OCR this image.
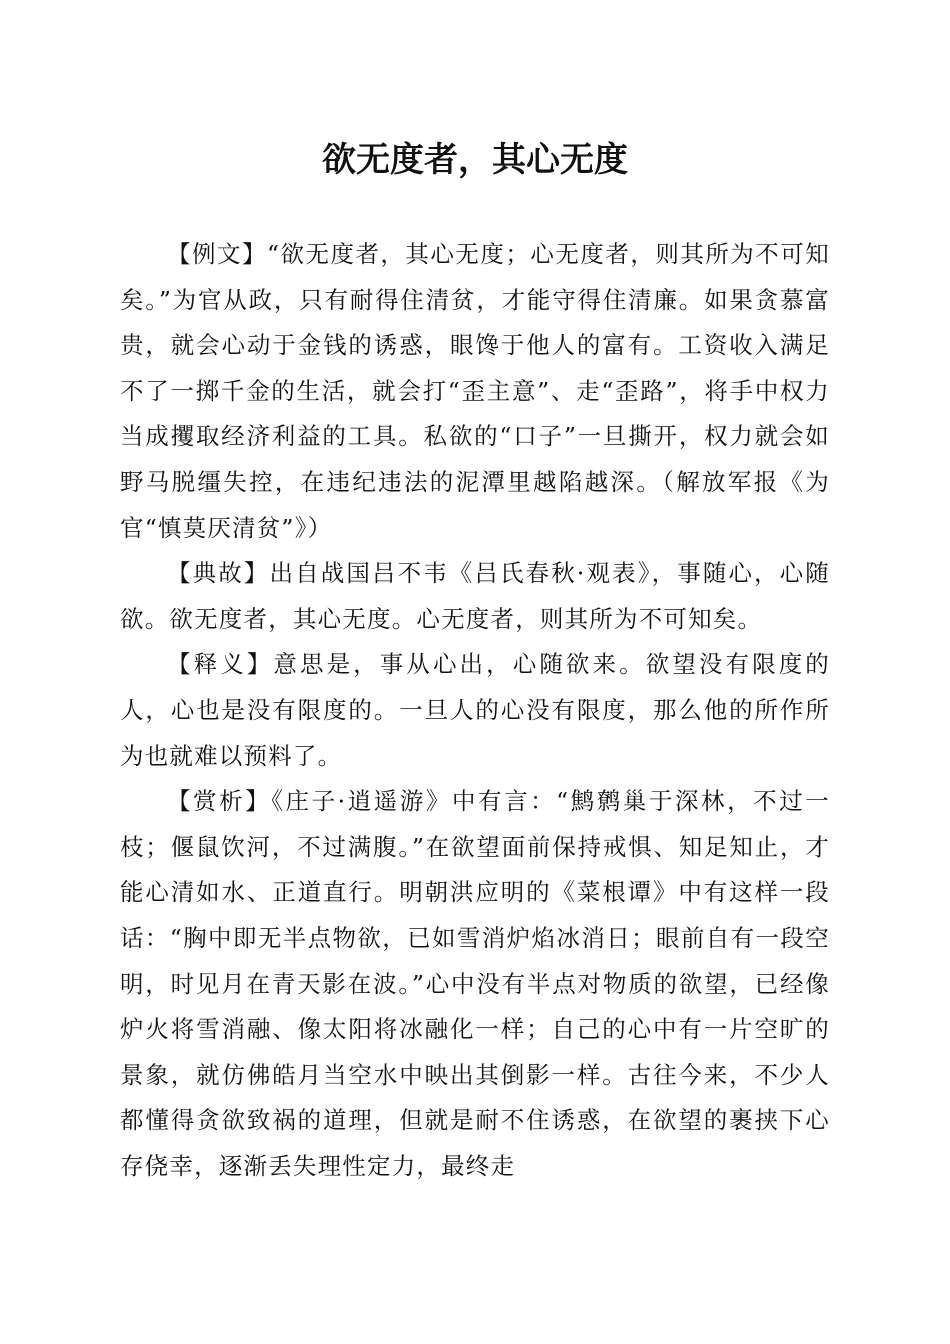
欲无度者，其心无度

【例文】“欲无度者，其心无度；心无度者，则其所为不可知矣。”为官从政，只有耐得住清贫，才能守得住清廉。如果贪慕富贵，就会心动于金钱的诱惑，眼馋于他人的富有。工资收入满足不了一掷千金的生活，就会打“歪主意”、走“歪路”，将手中权力当成攫取经济利益的工具。私欲的“口子”一旦撕开，权力就会如野马脱缰失控，在违纪违法的泥潭里越陷越深。（解放军报《为官“慎莫厌清贫”》）

【典故】出自战国吕不韦《吕氏春秋·观表》，事随心，心随欲。欲无度者，其心无度。心无度者，则其所为不可知矣。

【释义】意思是，事从心出，心随欲来。欲望没有限度的人，心也是没有限度的。一旦人的心没有限度，那么他的所作所为也就难以预料了。

【赏析】《庄子·逍遥游》中有言：“鹪鹩巢于深林，不过一枝；偃鼠饮河，不过满腹。”在欲望面前保持戒惧、知足知止，才能心清如水、正道直行。明朝洪应明的《菜根谭》中有这样一段话：“胸中即无半点物欲，已如雪消炉焰冰消日；眼前自有一段空明，时见月在青天影在波。”心中没有半点对物质的欲望，已经像炉火将雪消融、像太阳将冰融化一样；自己的心中有一片空旷的景象，就仿佛皓月当空水中映出其倒影一样。古往今来，不少人都懂得贪欲致祸的道理，但就是耐不住诱惑，在欲望的裹挟下心存侥幸，逐渐丢失理性定力，最终走
